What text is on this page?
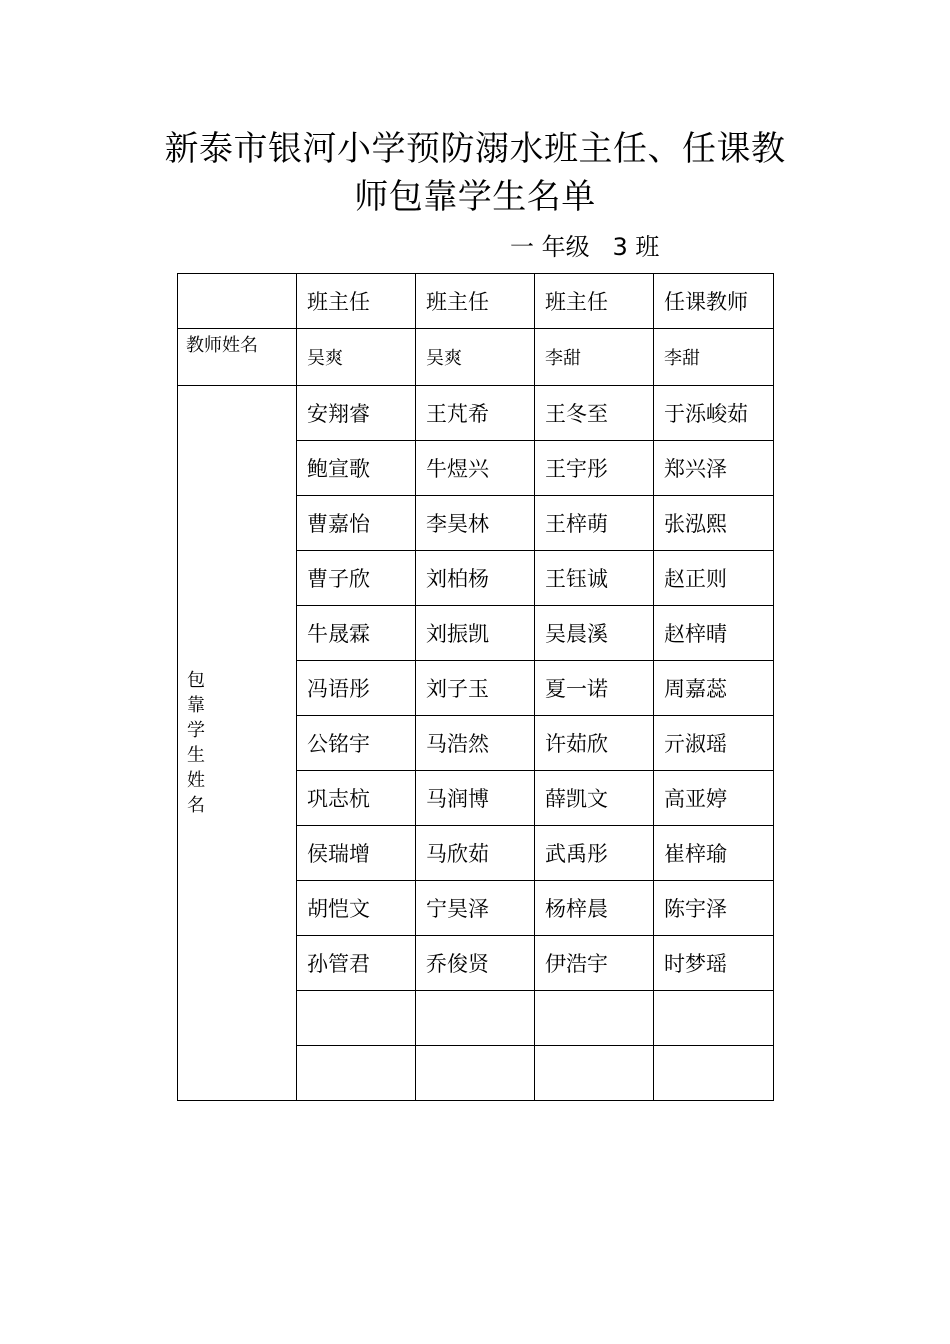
新泰市银河小学预防溺水班主任、任课教
师包靠学生名单
一 年级   3 班
	班主任	班主任	班主任	任课教师
教师姓名	吴爽	吴爽	李甜	李甜
包靠学生姓名	安翔睿	王芃希	王冬至	于泺峻茹
	鲍宣歌	牛煜兴	王宇彤	郑兴泽
	曹嘉怡	李昊林	王梓萌	张泓熙
	曹子欣	刘柏杨	王钰诚	赵正则
	牛晟霖	刘振凯	吴晨溪	赵梓晴
	冯语彤	刘子玉	夏一诺	周嘉蕊
	公铭宇	马浩然	许茹欣	亓淑瑶
	巩志杭	马润博	薛凯文	高亚婷
	侯瑞增	马欣茹	武禹彤	崔梓瑜
	胡恺文	宁昊泽	杨梓晨	陈宇泽
	孙管君	乔俊贤	伊浩宇	时梦瑶
